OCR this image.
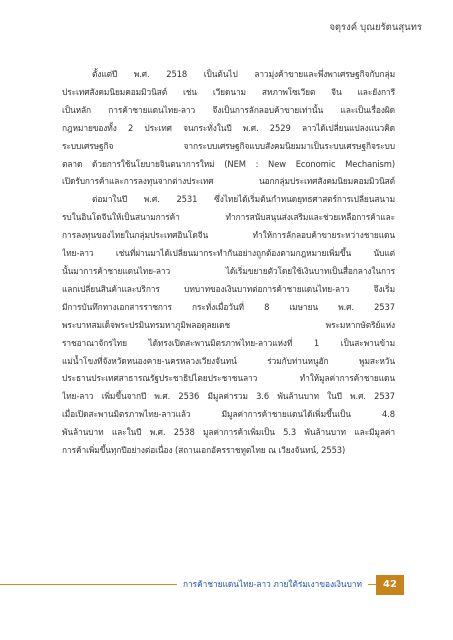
จตุรงค์ บุณยรัตนสุนทร
ตั้งแต่ปี พ.ศ. 2518 เป็นต้นไป ลาวมุ่งค้าขายและพึ่งพาเศรษฐกิจกับกลุ่ม
ประเทศสังคมนิยมคอมมิวนิสต์ เช่น เวียดนาม สหภาพโซเวียต จีน และยังการี
เป็นหลัก การค้าชายแดนไทย-ลาว จึงเป็นการลักลอบค้าขายเท่านั้น และเป็นเรื่องผิด
กฎหมายของทั้ง 2 ประเทศ จนกระทั่งในปี พ.ศ. 2529 ลาวได้เปลี่ยนแปลงแนวคิด
ระบบเศรษฐกิจ จากระบบเศรษฐกิจแบบสังคมนิยมมาเป็นระบบเศรษฐกิจระบบ
ตลาด ด้วยการใช้นโยบายจินตนาการใหม่ (NEM : New Economic Mechanism)
เปิดรับการค้าและการลงทุนจากต่างประเทศ นอกกลุ่มประเทศสังคมนิยมคอมมิวนิสต์
ต่อมาในปี พ.ศ. 2531 ซึ่งไทยได้เริ่มต้นกำหนดยุทธศาสตร์การเปลี่ยนสนาม
รบในอินโดจีนให้เป็นสนามการค้า ทำการสนับสนุนส่งเสริมและช่วยเหลือการค้าและ
การลงทุนของไทยในกลุ่มประเทศอินโดจีน ทำให้การลักลอบค้าขายระหว่างชายแดน
ไทย-ลาว เช่นที่ผ่านมาได้เปลี่ยนมากระทำกันอย่างถูกต้องตามกฎหมายเพิ่มขึ้น นับแต่
นั้นมาการค้าชายแดนไทย-ลาว ได้เริ่มขยายตัวโดยใช้เงินบาทเป็นสื่อกลางในการ
แลกเปลี่ยนสินค้าและบริการ บทบาทของเงินบาทต่อการค้าชายแดนไทย-ลาว จึงเริ่ม
มีการบันทึกทางเอกสารราชการ กระทั่งเมื่อวันที่ 8 เมษายน พ.ศ. 2537
พระบาทสมเด็จพระปรมินทรมหาภูมิพลอดุลยเดช พระมหากษัตริย์แห่ง
ราชอาณาจักรไทย ได้ทรงเปิดสะพานมิตรภาพไทย-ลาวแห่งที่ 1 เป็นสะพานข้าม
แม่น้ำโขงที่จังหวัดหนองคาย-นครหลวงเวียงจันทน์ ร่วมกับท่านหนูฮัก พูมสะหวัน
ประธานประเทศสาธารณรัฐประชาธิปไตยประชาชนลาว ทำให้มูลค่าการค้าชายแดน
ไทย-ลาว เพิ่มขึ้นจากปี พ.ศ. 2536 มีมูลค่ารวม 3.6 พันล้านบาท ในปี พ.ศ. 2537
เมื่อเปิดสะพานมิตรภาพไทย-ลาวแล้ว มีมูลค่าการค้าชายแดนได้เพิ่มขึ้นเป็น 4.8
พันล้านบาท และในปี พ.ศ. 2538 มูลค่าการค้าเพิ่มเป็น 5.3 พันล้านบาท และมีมูลค่า
การค้าเพิ่มขึ้นทุกปีอย่างต่อเนื่อง (สถานเอกอัครราชทูตไทย ณ เวียงจันทน์, 2553)
การค้าชายแดนไทย-ลาว ภายใต้ร่มเงาของเงินบาท	42
